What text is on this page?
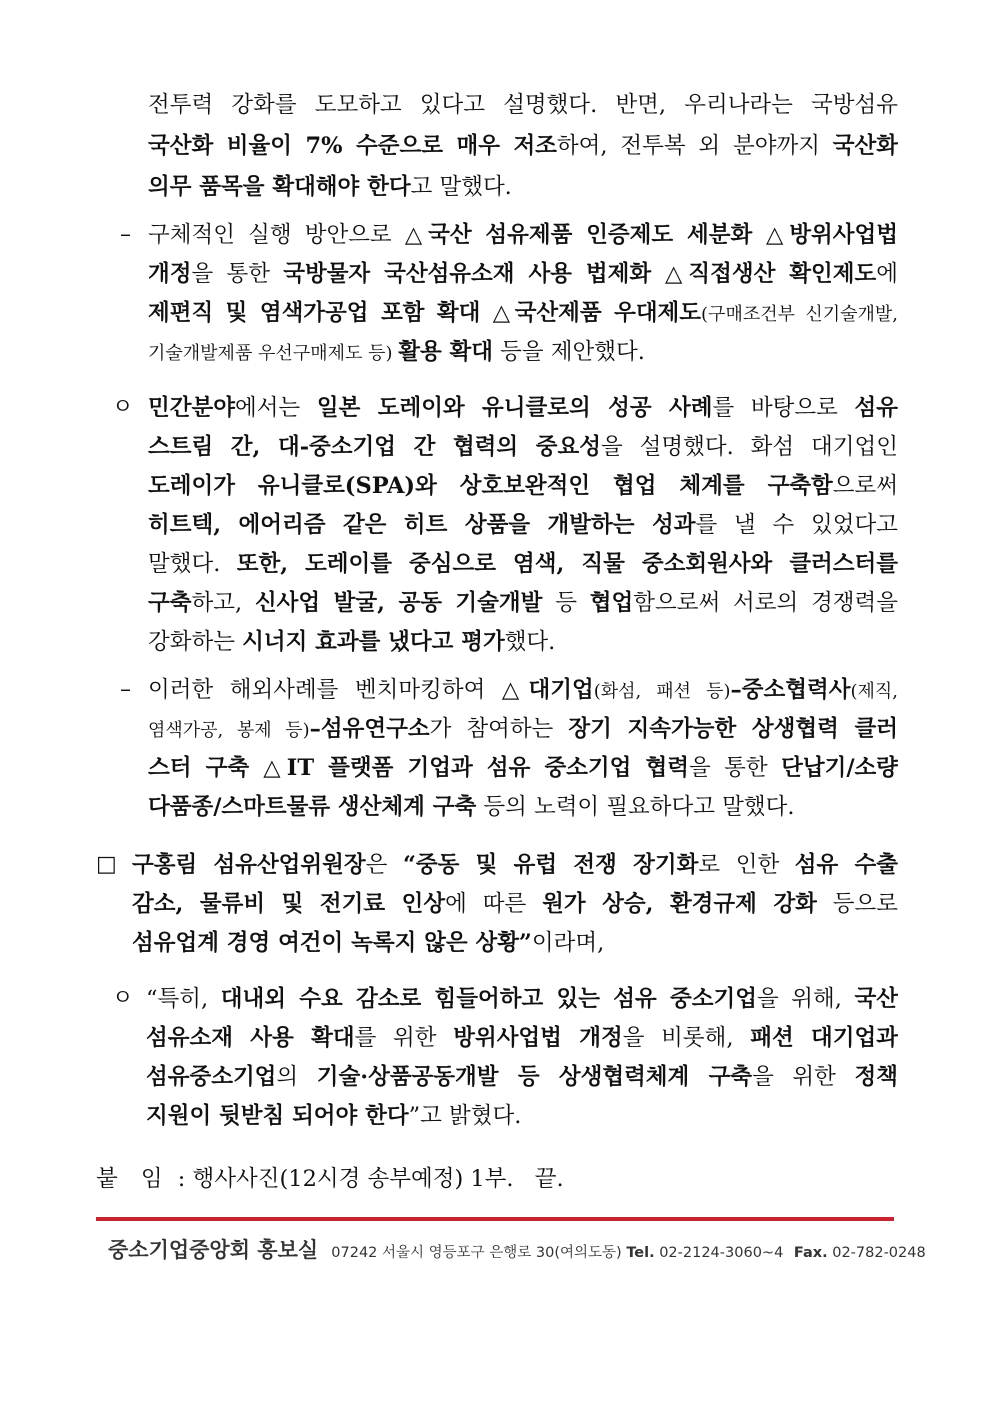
전투력 강화를 도모하고 있다고 설명했다. 반면, 우리나라는 국방섬유
국산화 비율이 7% 수준으로 매우 저조하여, 전투복 외 분야까지 국산화
의무 품목을 확대해야 한다고 말했다.
– 구체적인 실행 방안으로 △국산 섬유제품 인증제도 세분화 △방위사업법
개정을 통한 국방물자 국산섬유소재 사용 법제화 △직접생산 확인제도에
제편직 및 염색가공업 포함 확대 △국산제품 우대제도(구매조건부 신기술개발,
기술개발제품 우선구매제도 등) 활용 확대 등을 제안했다.
ㅇ 민간분야에서는 일본 도레이와 유니클로의 성공 사례를 바탕으로 섬유
스트림 간, 대-중소기업 간 협력의 중요성을 설명했다. 화섬 대기업인
도레이가 유니클로(SPA)와 상호보완적인 협업 체계를 구축함으로써
히트텍, 에어리즘 같은 히트 상품을 개발하는 성과를 낼 수 있었다고
말했다. 또한, 도레이를 중심으로 염색, 직물 중소회원사와 클러스터를
구축하고, 신사업 발굴, 공동 기술개발 등 협업함으로써 서로의 경쟁력을
강화하는 시너지 효과를 냈다고 평가했다.
– 이러한 해외사례를 벤치마킹하여 △대기업(화섬, 패션 등)–중소협력사(제직,
염색가공, 봉제 등)–섬유연구소가 참여하는 장기 지속가능한 상생협력 클러
스터 구축 △IT 플랫폼 기업과 섬유 중소기업 협력을 통한 단납기/소량
다품종/스마트물류 생산체계 구축 등의 노력이 필요하다고 말했다.
□ 구홍림 섬유산업위원장은 “중동 및 유럽 전쟁 장기화로 인한 섬유 수출
감소, 물류비 및 전기료 인상에 따른 원가 상승, 환경규제 강화 등으로
섬유업계 경영 여건이 녹록지 않은 상황”이라며,
ㅇ “특히, 대내외 수요 감소로 힘들어하고 있는 섬유 중소기업을 위해, 국산
섬유소재 사용 확대를 위한 방위사업법 개정을 비롯해, 패션 대기업과
섬유중소기업의 기술·상품공동개발 등 상생협력체계 구축을 위한 정책
지원이 뒷받침 되어야 한다”고 밝혔다.
붙 임 : 행사사진(12시경 송부예정) 1부. 끝.
중소기업중앙회 홍보실 07242 서울시 영등포구 은행로 30(여의도동) Tel. 02-2124-3060~4 Fax. 02-782-0248
